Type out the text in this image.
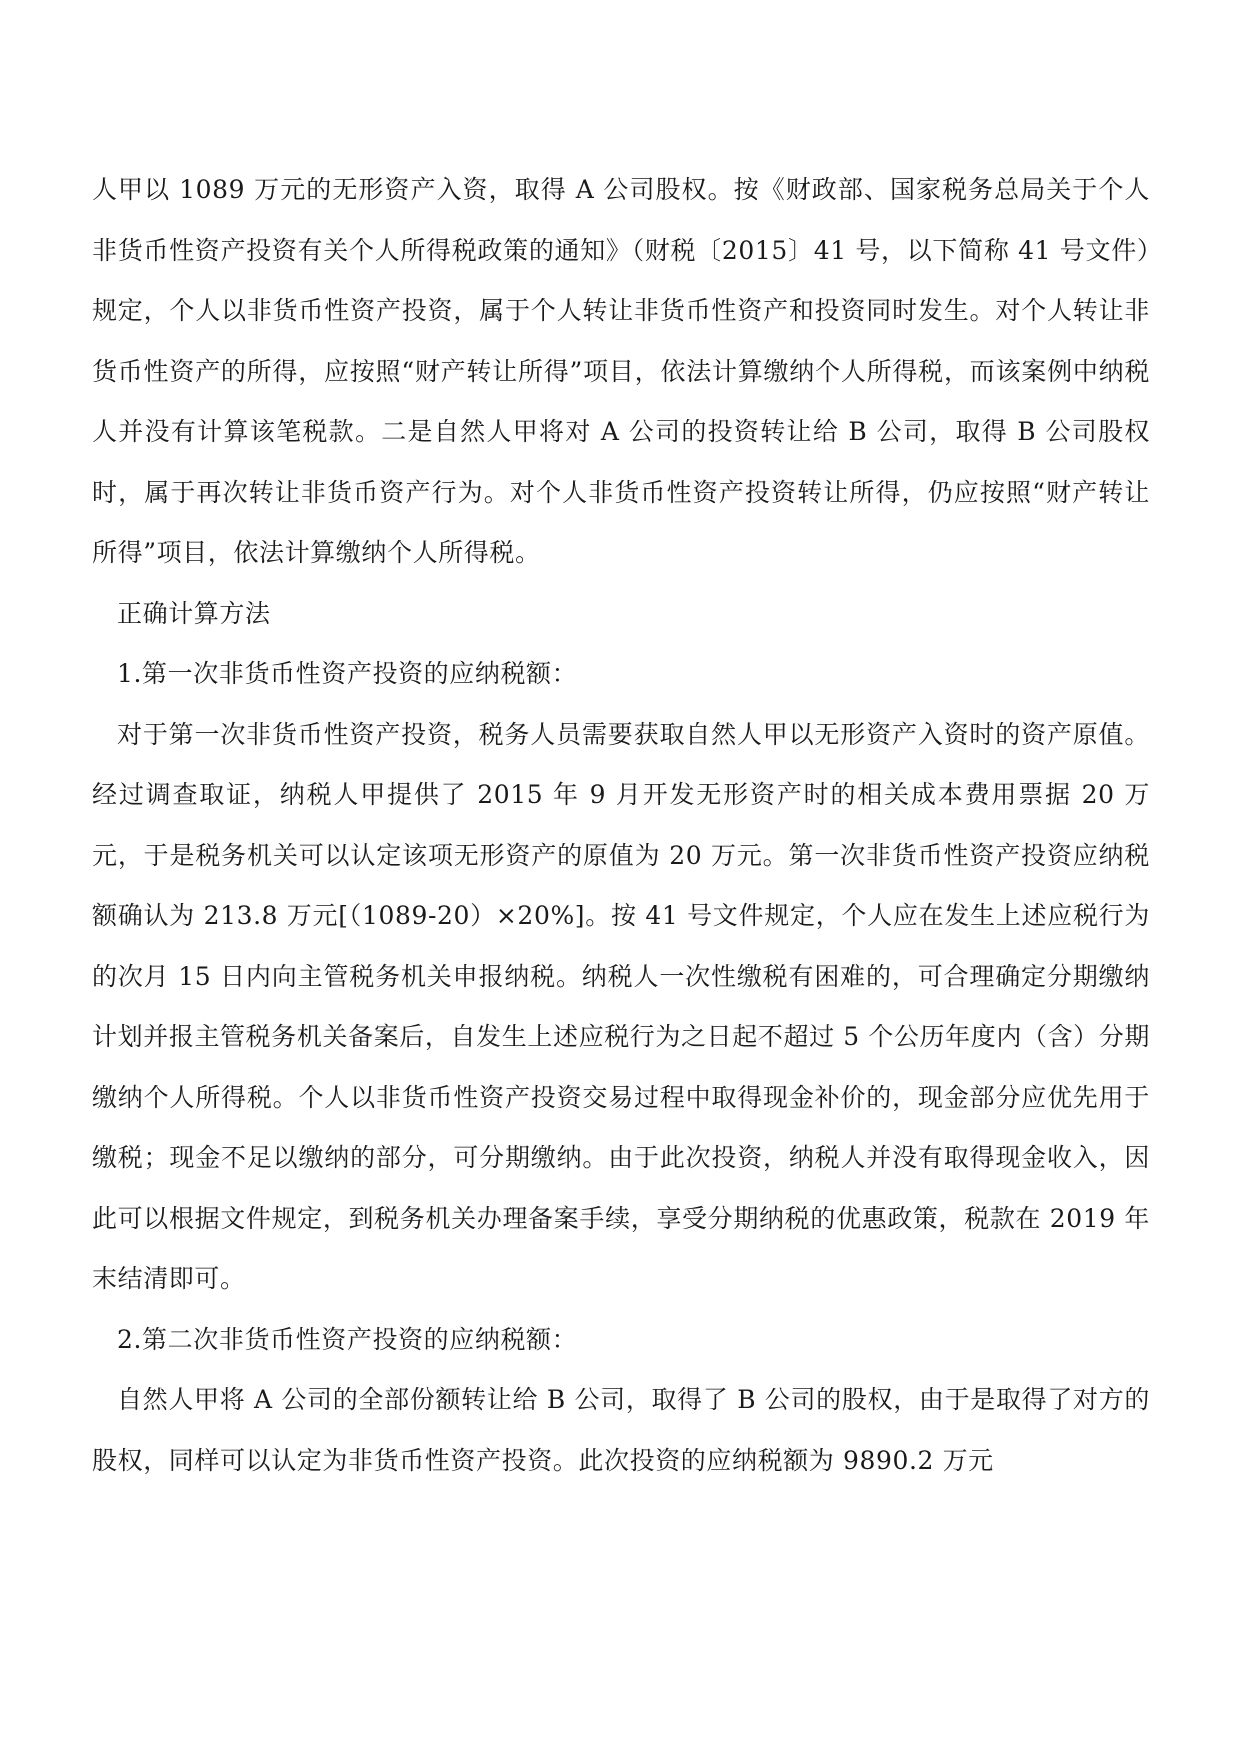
人甲以 1089 万元的无形资产入资，取得 A 公司股权。按《财政部、国家税务总局关于个人非货币性资产投资有关个人所得税政策的通知》（财税〔2015〕41 号，以下简称 41 号文件）规定，个人以非货币性资产投资，属于个人转让非货币性资产和投资同时发生。对个人转让非货币性资产的所得，应按照“财产转让所得”项目，依法计算缴纳个人所得税，而该案例中纳税人并没有计算该笔税款。二是自然人甲将对 A 公司的投资转让给 B 公司，取得 B 公司股权时，属于再次转让非货币资产行为。对个人非货币性资产投资转让所得，仍应按照“财产转让所得”项目，依法计算缴纳个人所得税。

正确计算方法

1.第一次非货币性资产投资的应纳税额：

对于第一次非货币性资产投资，税务人员需要获取自然人甲以无形资产入资时的资产原值。经过调查取证，纳税人甲提供了 2015 年 9 月开发无形资产时的相关成本费用票据 20 万元，于是税务机关可以认定该项无形资产的原值为 20 万元。第一次非货币性资产投资应纳税额确认为 213.8 万元[（1089-20）×20%]。按 41 号文件规定，个人应在发生上述应税行为的次月 15 日内向主管税务机关申报纳税。纳税人一次性缴税有困难的，可合理确定分期缴纳计划并报主管税务机关备案后，自发生上述应税行为之日起不超过 5 个公历年度内（含）分期缴纳个人所得税。个人以非货币性资产投资交易过程中取得现金补价的，现金部分应优先用于缴税；现金不足以缴纳的部分，可分期缴纳。由于此次投资，纳税人并没有取得现金收入，因此可以根据文件规定，到税务机关办理备案手续，享受分期纳税的优惠政策，税款在 2019 年末结清即可。

2.第二次非货币性资产投资的应纳税额：

自然人甲将 A 公司的全部份额转让给 B 公司，取得了 B 公司的股权，由于是取得了对方的股权，同样可以认定为非货币性资产投资。此次投资的应纳税额为 9890.2 万元
